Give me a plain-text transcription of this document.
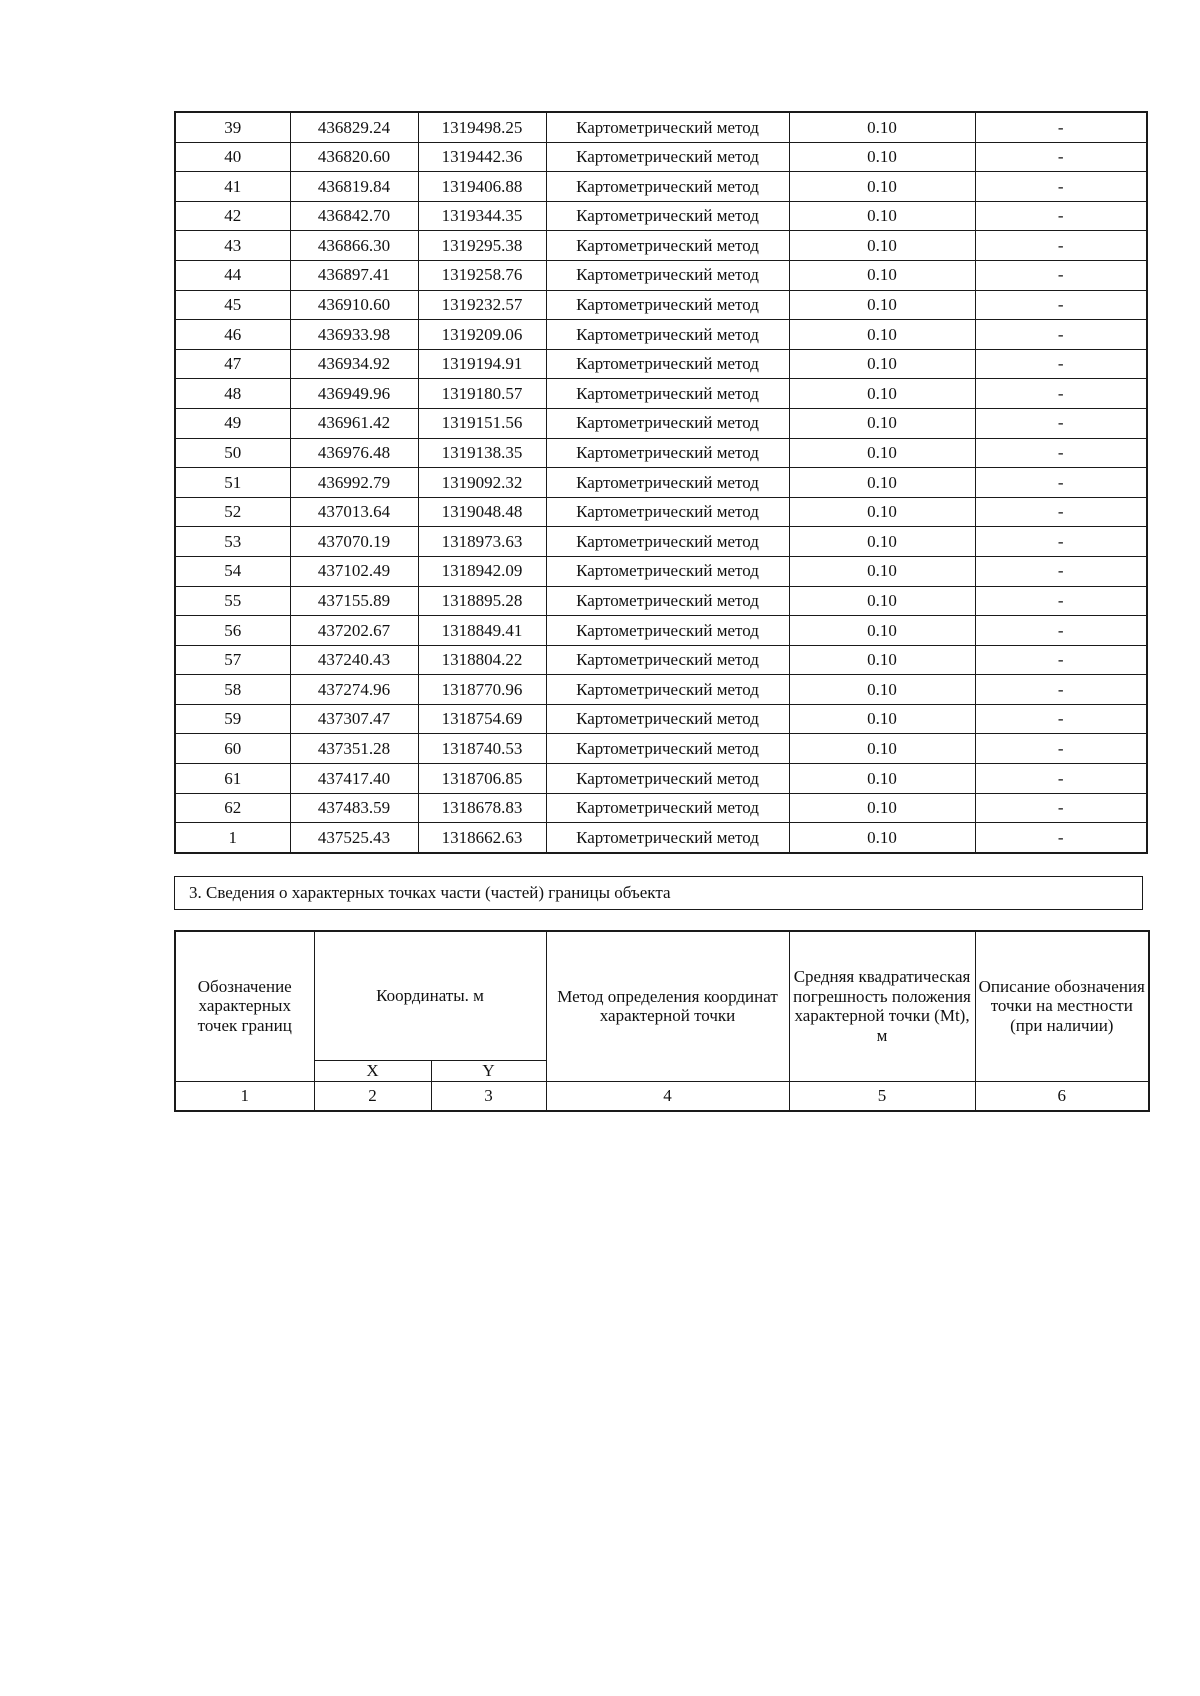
39	436829.24	1319498.25	Картометрический метод	0.10	-
40	436820.60	1319442.36	Картометрический метод	0.10	-
41	436819.84	1319406.88	Картометрический метод	0.10	-
42	436842.70	1319344.35	Картометрический метод	0.10	-
43	436866.30	1319295.38	Картометрический метод	0.10	-
44	436897.41	1319258.76	Картометрический метод	0.10	-
45	436910.60	1319232.57	Картометрический метод	0.10	-
46	436933.98	1319209.06	Картометрический метод	0.10	-
47	436934.92	1319194.91	Картометрический метод	0.10	-
48	436949.96	1319180.57	Картометрический метод	0.10	-
49	436961.42	1319151.56	Картометрический метод	0.10	-
50	436976.48	1319138.35	Картометрический метод	0.10	-
51	436992.79	1319092.32	Картометрический метод	0.10	-
52	437013.64	1319048.48	Картометрический метод	0.10	-
53	437070.19	1318973.63	Картометрический метод	0.10	-
54	437102.49	1318942.09	Картометрический метод	0.10	-
55	437155.89	1318895.28	Картометрический метод	0.10	-
56	437202.67	1318849.41	Картометрический метод	0.10	-
57	437240.43	1318804.22	Картометрический метод	0.10	-
58	437274.96	1318770.96	Картометрический метод	0.10	-
59	437307.47	1318754.69	Картометрический метод	0.10	-
60	437351.28	1318740.53	Картометрический метод	0.10	-
61	437417.40	1318706.85	Картометрический метод	0.10	-
62	437483.59	1318678.83	Картометрический метод	0.10	-
1	437525.43	1318662.63	Картометрический метод	0.10	-
3. Сведения о характерных точках части (частей) границы объекта
Обозначение характерных точек границ	Координаты. м		Метод определения координат характерной точки	Средняя квадратическая погрешность положения характерной точки (Mt), м	Описание обозначения точки на местности (при наличии)
	X	Y			
1	2	3	4	5	6
